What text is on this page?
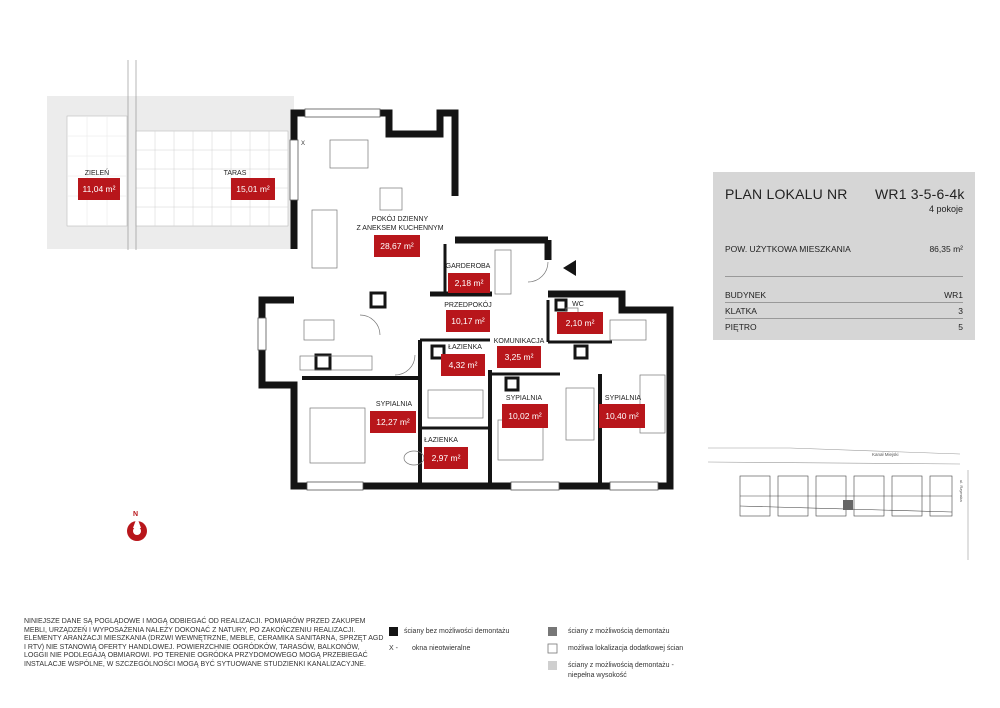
X
ZIELEŃ	TARAS
POKÓJ DZIENNY
Z ANEKSEM KUCHENNYM
GARDEROBA
PRZEDPOKÓJ	WC
ŁAZIENKA
KOMUNIKACJA
SYPIALNIA
ŁAZIENKA
SYPIALNIA	SYPIALNIA
11,04 m²	15,01 m²
28,67 m²
2,18 m²
10,17 m²	2,10 m²
4,32 m²
3,25 m²
12,27 m²
2,97 m²
10,02 m²	10,40 m²
N
Kanał Miejski
ul. Rzymska
PLAN LOKALU NR WR1 3-5-6-4k
4 pokoje
POW. UŻYTKOWA MIESZKANIA	86,35 m²
BUDYNEK	WR1
KLATKA	3
PIĘTRO	5
NINIEJSZE DANE SĄ POGLĄDOWE I MOGĄ ODBIEGAĆ OD REALIZACJI. POMIARÓW PRZED ZAKUPEM MEBLI, URZĄDZEŃ I WYPOSAŻENIA NALEŻY DOKONAĆ Z NATURY, PO ZAKOŃCZENIU REALIZACJI. ELEMENTY ARANŻACJI MIESZKANIA (DRZWI WEWNĘTRZNE, MEBLE, CERAMIKA SANITARNA, SPRZĘT AGD I RTV) NIE STANOWIĄ OFERTY HANDLOWEJ. POWIERZCHNIE OGRÓDKÓW, TARASÓW, BALKONÓW, LOGGII NIE PODLEGAJĄ OBMIAROWI. PO TERENIE OGRÓDKA PRZYDOMOWEGO MOGĄ PRZEBIEGAĆ INSTALACJE WSPÓLNE, W SZCZEGÓLNOŚCI MOGĄ BYĆ SYTUOWANE STUDZIENKI KANALIZACYJNE.
ściany bez możliwości demontażu
X - okna nieotwieralne
ściany z możliwością demontażu
możliwa lokalizacja dodatkowej ścian
ściany z możliwością demontażu -
niepełna wysokość
